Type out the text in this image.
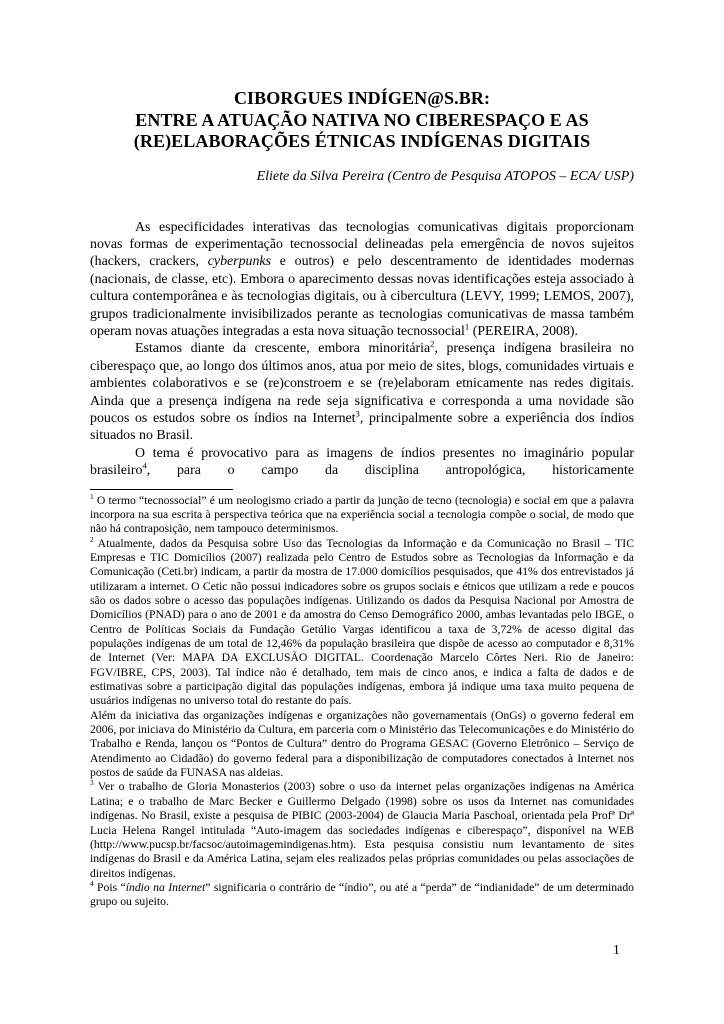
CIBORGUES INDÍGEN@S.BR:
ENTRE A ATUAÇÃO NATIVA NO CIBERESPAÇO E AS
(RE)ELABORAÇÕES ÉTNICAS INDÍGENAS DIGITAIS
Eliete da Silva Pereira (Centro de Pesquisa ATOPOS – ECA/ USP)

As especificidades interativas das tecnologias comunicativas digitais proporcionam novas formas de experimentação tecnossocial delineadas pela emergência de novos sujeitos (hackers, crackers, cyberpunks e outros) e pelo descentramento de identidades modernas (nacionais, de classe, etc). Embora o aparecimento dessas novas identificações esteja associado à cultura contemporânea e às tecnologias digitais, ou à cibercultura (LEVY, 1999; LEMOS, 2007), grupos tradicionalmente invisibilizados perante as tecnologias comunicativas de massa também operam novas atuações integradas a esta nova situação tecnossocial$^1$ (PEREIRA, 2008).

Estamos diante da crescente, embora minoritária$^2$, presença indígena brasileira no ciberespaço que, ao longo dos últimos anos, atua por meio de sites, blogs, comunidades virtuais e ambientes colaborativos e se (re)constroem e se (re)elaboram etnicamente nas redes digitais. Ainda que a presença indígena na rede seja significativa e corresponda a uma novidade são poucos os estudos sobre os índios na Internet$^3$, principalmente sobre a experiência dos índios situados no Brasil.

O tema é provocativo para as imagens de índios presentes no imaginário popular brasileiro$^4$, para o campo da disciplina antropológica, historicamente

$^1$ O termo “tecnossocial” é um neologismo criado a partir da junção de tecno (tecnologia) e social em que a palavra incorpora na sua escrita à perspectiva teórica que na experiência social a tecnologia compõe o social, de modo que não há contraposição, nem tampouco determinismos.
$^2$ Atualmente, dados da Pesquisa sobre Uso das Tecnologias da Informação e da Comunicação no Brasil – TIC Empresas e TIC Domicílios (2007) realizada pelo Centro de Estudos sobre as Tecnologias da Informação e da Comunicação (Ceti.br) indicam, a partir da mostra de 17.000 domicílios pesquisados, que 41% dos entrevistados já utilizaram a internet. O Cetic não possui indicadores sobre os grupos sociais e étnicos que utilizam a rede e poucos são os dados sobre o acesso das populações indígenas. Utilizando os dados da Pesquisa Nacional por Amostra de Domicílios (PNAD) para o ano de 2001 e da amostra do Censo Demográfico 2000, ambas levantadas pelo IBGE, o Centro de Políticas Sociais da Fundação Getúlio Vargas identificou a taxa de 3,72% de acesso digital das populações indígenas de um total de 12,46% da população brasileira que dispõe de acesso ao computador e 8,31% de Internet (Ver: MAPA DA EXCLUSÃO DIGITAL. Coordenação Marcelo Côrtes Neri. Rio de Janeiro: FGV/IBRE, CPS, 2003). Tal índice não é detalhado, tem mais de cinco anos, e indica a falta de dados e de estimativas sobre a participação digital das populações indígenas, embora já indique uma taxa muito pequena de usuários indígenas no universo total do restante do país.
Além da iniciativa das organizações indígenas e organizações não governamentais (OnGs) o governo federal em 2006, por iniciava do Ministério da Cultura, em parceria com o Ministério das Telecomunicações e do Ministério do Trabalho e Renda, lançou os “Pontos de Cultura” dentro do Programa GESAC (Governo Eletrônico – Serviço de Atendimento ao Cidadão) do governo federal para a disponibilização de computadores conectados à Internet nos postos de saúde da FUNASA nas aldeias.
$^3$ Ver o trabalho de Gloria Monasterios (2003) sobre o uso da internet pelas organizações indígenas na América Latina; e o trabalho de Marc Becker e Guillermo Delgado (1998) sobre os usos da Internet nas comunidades indígenas. No Brasil, existe a pesquisa de PIBIC (2003-2004) de Glaucia Maria Paschoal, orientada pela Profª Drª Lucia Helena Rangel intitulada “Auto-imagem das sociedades indígenas e ciberespaço”, disponível na WEB (http://www.pucsp.br/facsoc/autoimagemindigenas.htm). Esta pesquisa consistiu num levantamento de sites indígenas do Brasil e da América Latina, sejam eles realizados pelas próprias comunidades ou pelas associações de direitos indígenas.
$^4$ Pois “índio na Internet” significaria o contrário de “índio”, ou até a “perda” de “indianidade” de um determinado grupo ou sujeito.
1
